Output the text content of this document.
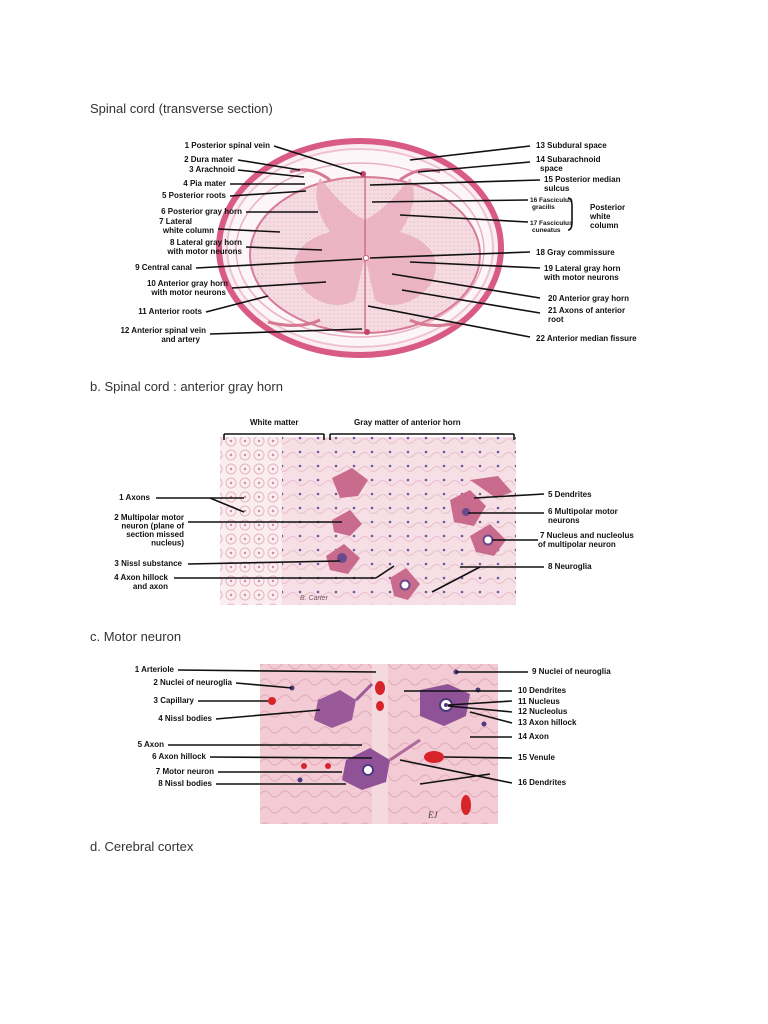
Spinal cord (transverse section)
b. Spinal cord : anterior gray horn
c. Motor neuron
d. Cerebral cortex
1 Posterior spinal vein
2 Dura mater
3 Arachnoid
4 Pia mater
5 Posterior roots
6 Posterior gray horn
7 Lateral white column
8 Lateral gray horn with motor neurons
9 Central canal
10 Anterior gray horn with motor neurons
11 Anterior roots
12 Anterior spinal vein and artery
13 Subdural space
14 Subarachnoid space
15 Posterior median sulcus
16 Fasciculus gracilis
17 Fasciculus cuneatus
Posterior white column
18 Gray commissure
19 Lateral gray horn with motor neurons
20 Anterior gray horn
21 Axons of anterior root
22 Anterior median fissure
B. Carter
White matter	Gray matter of anterior horn
1 Axons
2 Multipolar motor neuron (plane of section missed nucleus)
3 Nissl substance
4 Axon hillock and axon
5 Dendrites
6 Multipolar motor neurons
7 Nucleus and nucleolus of multipolar neuron
8 Neuroglia
EJ
1 Arteriole
2 Nuclei of neuroglia
3 Capillary
4 Nissl bodies
5 Axon
6 Axon hillock
7 Motor neuron
8 Nissl bodies
9 Nuclei of neuroglia
10 Dendrites
11 Nucleus
12 Nucleolus
13 Axon hillock
14 Axon
15 Venule
16 Dendrites
